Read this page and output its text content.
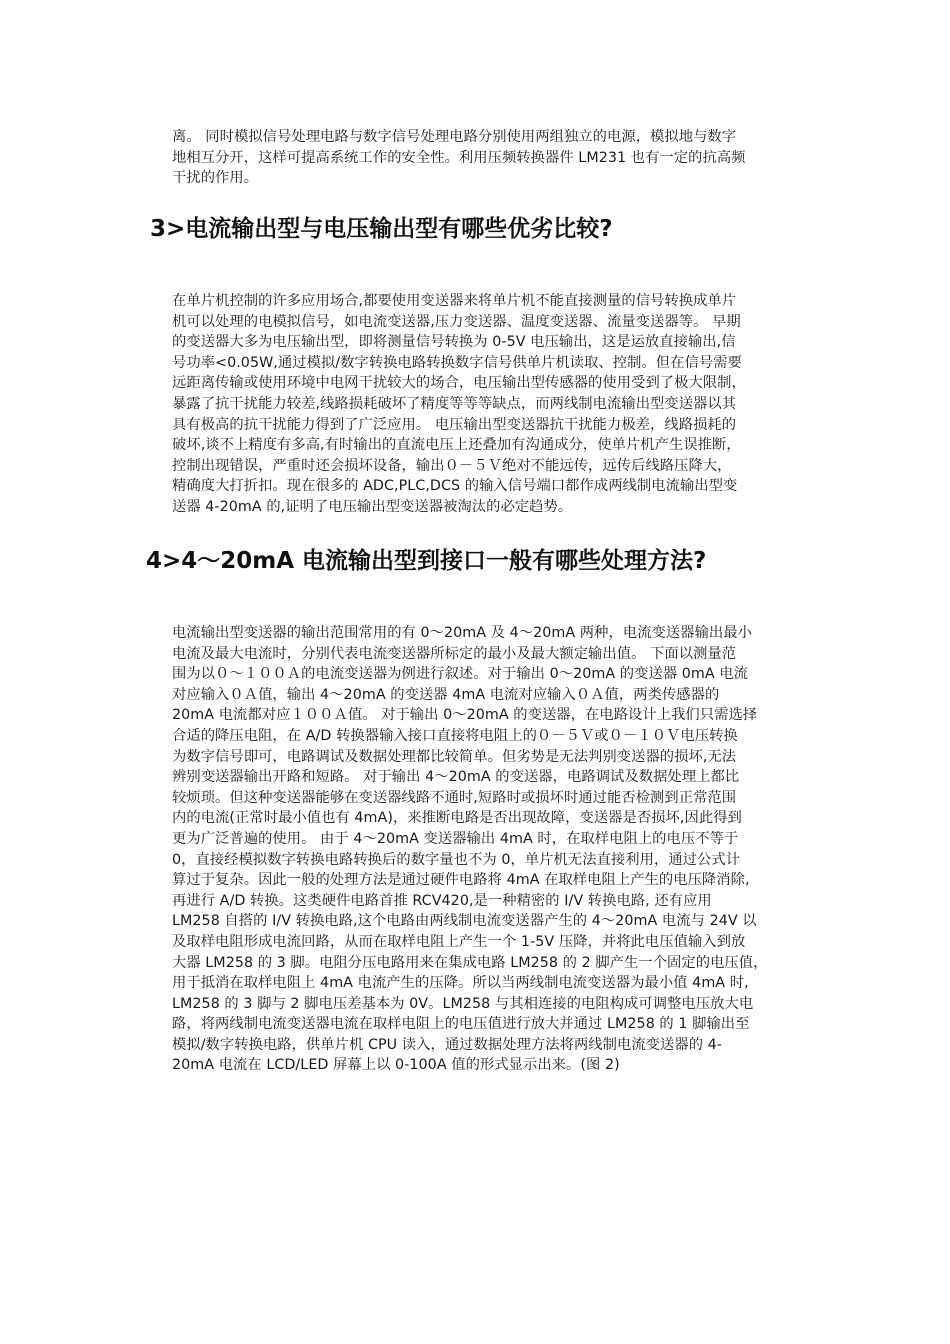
离。 同时模拟信号处理电路与数字信号处理电路分别使用两组独立的电源，模拟地与数字
地相互分开，这样可提高系统工作的安全性。利用压频转换器件 LM231 也有一定的抗高频
干扰的作用。
3>电流输出型与电压输出型有哪些优劣比较?
在单片机控制的许多应用场合,都要使用变送器来将单片机不能直接测量的信号转换成单片
机可以处理的电模拟信号，如电流变送器,压力变送器、温度变送器、流量变送器等。 早期
的变送器大多为电压输出型，即将测量信号转换为 0-5V 电压输出，这是运放直接输出,信
号功率<0.05W,通过模拟/数字转换电路转换数字信号供单片机读取、控制。但在信号需要
远距离传输或使用环境中电网干扰较大的场合，电压输出型传感器的使用受到了极大限制，
暴露了抗干扰能力较差,线路损耗破坏了精度等等等缺点，而两线制电流输出型变送器以其
具有极高的抗干扰能力得到了广泛应用。 电压输出型变送器抗干扰能力极差，线路损耗的
破坏,谈不上精度有多高,有时输出的直流电压上还叠加有沟通成分，使单片机产生误推断，
控制出现错误，严重时还会损坏设备，输出０－５Ｖ绝对不能远传，远传后线路压降大，
精确度大打折扣。现在很多的 ADC,PLC,DCS 的输入信号端口都作成两线制电流输出型变
送器 4-20mA 的,证明了电压输出型变送器被淘汰的必定趋势。
4>4～20mA 电流输出型到接口一般有哪些处理方法?
电流输出型变送器的输出范围常用的有 0～20mA 及 4～20mA 两种，电流变送器输出最小
电流及最大电流时，分别代表电流变送器所标定的最小及最大额定输出值。 下面以测量范
围为以０～１００Ａ的电流变送器为例进行叙述。对于输出 0～20mA 的变送器 0mA 电流
对应输入０Ａ值，输出 4～20mA 的变送器 4mA 电流对应输入０Ａ值，两类传感器的
20mA 电流都对应１００Ａ值。 对于输出 0～20mA 的变送器，在电路设计上我们只需选择
合适的降压电阻，在 A/D 转换器输入接口直接将电阻上的０－５Ｖ或０－１０Ｖ电压转换
为数字信号即可，电路调试及数据处理都比较简单。但劣势是无法判别变送器的损坏,无法
辨别变送器输出开路和短路。 对于输出 4～20mA 的变送器，电路调试及数据处理上都比
较烦琐。但这种变送器能够在变送器线路不通时,短路时或损坏时通过能否检测到正常范围
内的电流(正常时最小值也有 4mA)，来推断电路是否出现故障，变送器是否损坏,因此得到
更为广泛普遍的使用。 由于 4～20mA 变送器输出 4mA 时，在取样电阻上的电压不等于
0，直接经模拟数字转换电路转换后的数字量也不为 0，单片机无法直接利用，通过公式计
算过于复杂。因此一般的处理方法是通过硬件电路将 4mA 在取样电阻上产生的电压降消除,
再进行 A/D 转换。这类硬件电路首推 RCV420,是一种精密的 I/V 转换电路, 还有应用
LM258 自搭的 I/V 转换电路,这个电路由两线制电流变送器产生的 4～20mA 电流与 24V 以
及取样电阻形成电流回路，从而在取样电阻上产生一个 1-5V 压降，并将此电压值输入到放
大器 LM258 的 3 脚。电阻分压电路用来在集成电路 LM258 的 2 脚产生一个固定的电压值，
用于抵消在取样电阻上 4mA 电流产生的压降。所以当两线制电流变送器为最小值 4mA 时,
LM258 的 3 脚与 2 脚电压差基本为 0V。LM258 与其相连接的电阻构成可调整电压放大电
路，将两线制电流变送器电流在取样电阻上的电压值进行放大并通过 LM258 的 1 脚输出至
模拟/数字转换电路，供单片机 CPU 读入，通过数据处理方法将两线制电流变送器的 4-
20mA 电流在 LCD/LED 屏幕上以 0-100A 值的形式显示出来。(图 2)
